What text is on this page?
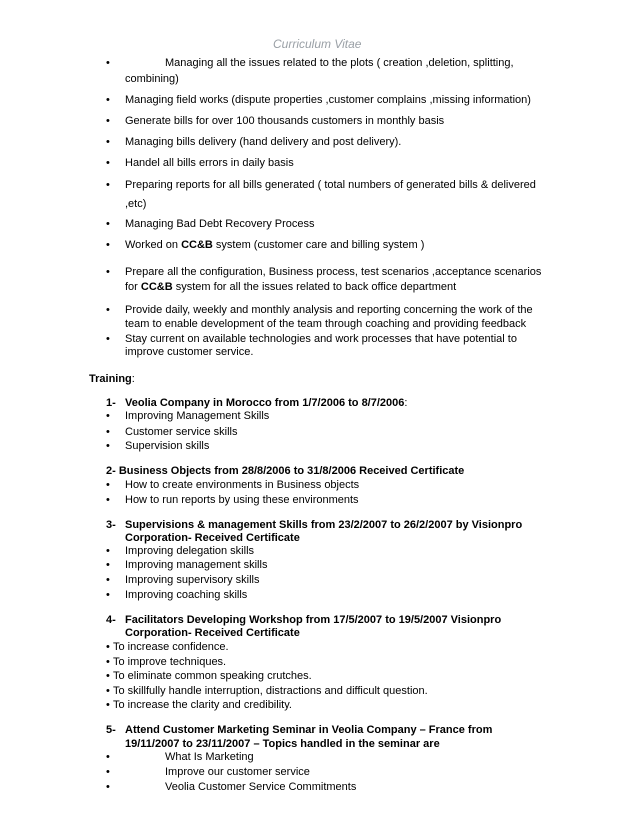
Curriculum Vitae
•
Managing all the issues related to the plots ( creation ,deletion, splitting,
combining)
•
Managing field works (dispute properties ,customer complains ,missing information)
•
Generate bills for over 100 thousands customers in monthly basis
•
Managing bills delivery (hand delivery and post delivery).
•
Handel all bills errors in daily basis
•
Preparing reports for all bills generated ( total numbers of generated bills & delivered
,etc)
•
Managing Bad Debt Recovery Process
•
Worked on CC&B system (customer care and billing system )
•
Prepare all the configuration, Business process, test scenarios ,acceptance scenarios
for CC&B system for all the issues related to back office department
•
Provide daily, weekly and monthly analysis and reporting concerning the work of the
team to enable development of the team through coaching and providing feedback
•
Stay current on available technologies and work processes that have potential to
improve customer service.
Training:
1- Veolia Company in Morocco from 1/7/2006 to 8/7/2006:
•
Improving Management Skills
•
Customer service skills
•
Supervision skills
2- Business Objects from 28/8/2006 to 31/8/2006 Received Certificate
•
How to create environments in Business objects
•
How to run reports by using these environments
3- Supervisions & management Skills from 23/2/2007 to 26/2/2007 by Visionpro
Corporation- Received Certificate
•
Improving delegation skills
•
Improving management skills
•
Improving supervisory skills
•
Improving coaching skills
4- Facilitators Developing Workshop from 17/5/2007 to 19/5/2007 Visionpro
Corporation- Received Certificate
•
To increase confidence.
•
To improve techniques.
•
To eliminate common speaking crutches.
•
To skillfully handle interruption, distractions and difficult question.
•
To increase the clarity and credibility.
5- Attend Customer Marketing Seminar in Veolia Company – France from
19/11/2007 to 23/11/2007 – Topics handled in the seminar are
•
What Is Marketing
•
Improve our customer service
•
Veolia Customer Service Commitments
